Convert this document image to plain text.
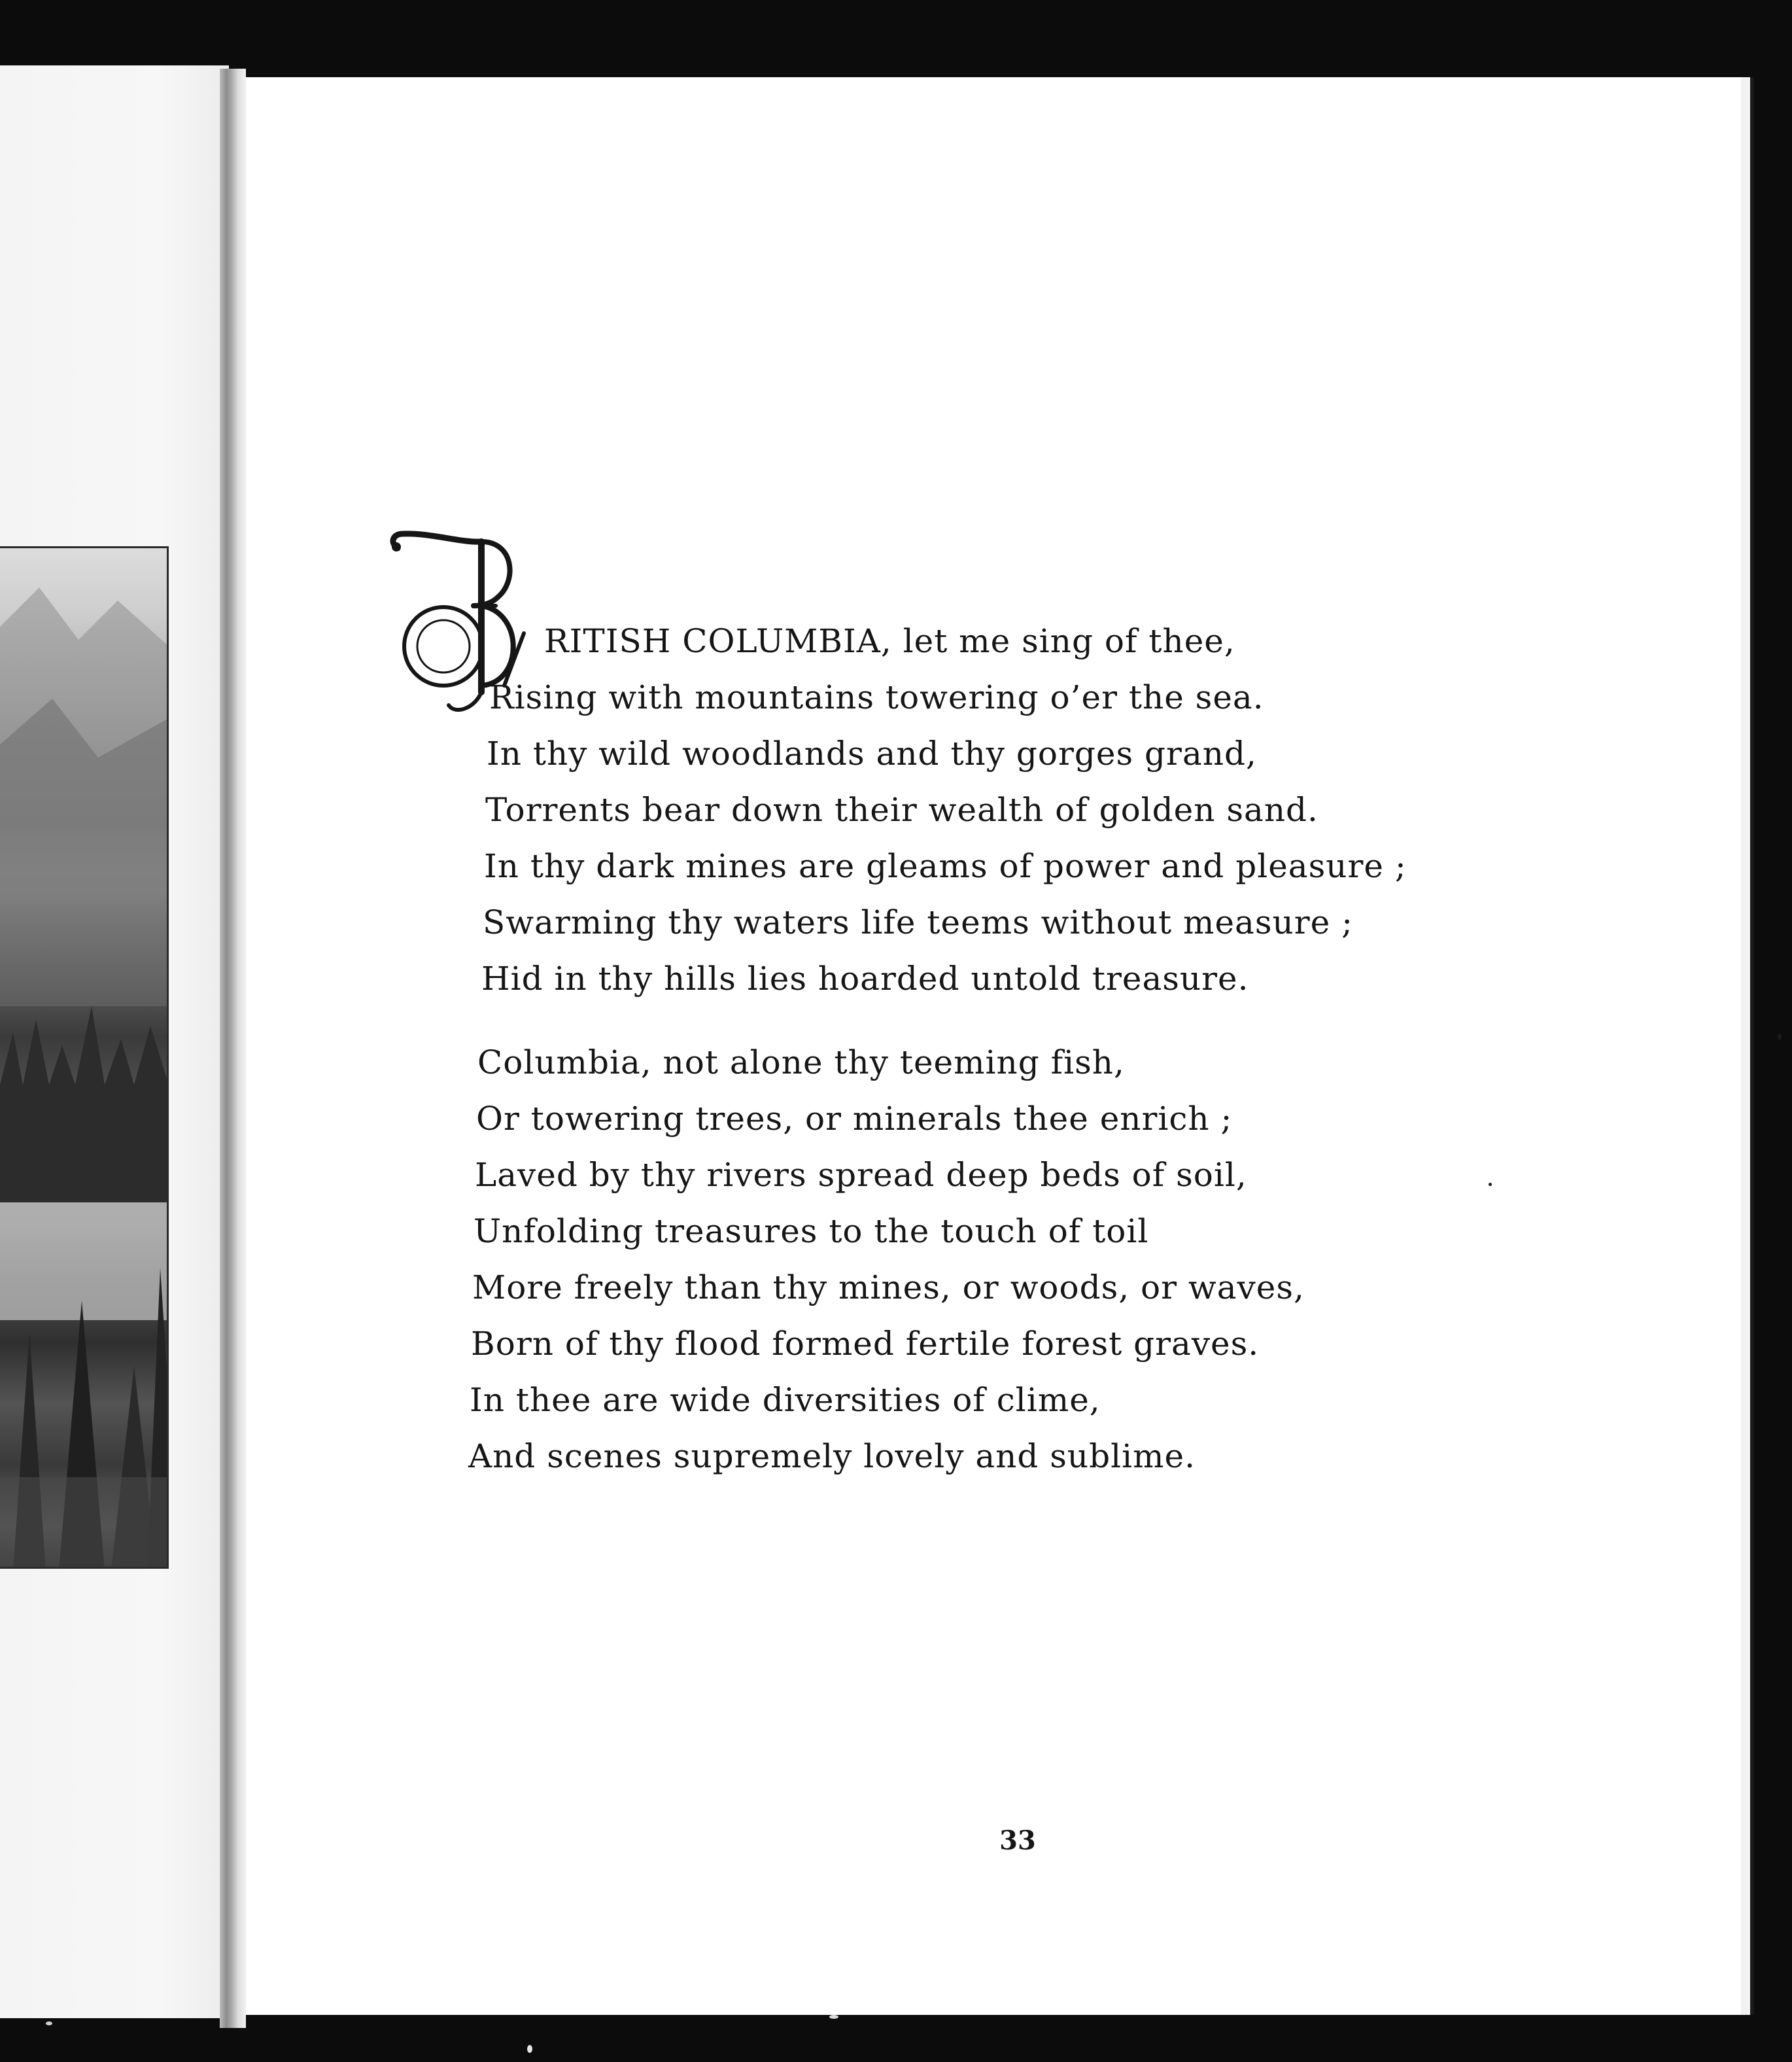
RITISH COLUMBIA, let me sing of thee,
Rising with mountains towering o’er the sea.
In thy wild woodlands and thy gorges grand,
Torrents bear down their wealth of golden sand.
In thy dark mines are gleams of power and pleasure ;
Swarming thy waters life teems without measure ;
Hid in thy hills lies hoarded untold treasure.
Columbia, not alone thy teeming fish,
Or towering trees, or minerals thee enrich ;
Laved by thy rivers spread deep beds of soil,
Unfolding treasures to the touch of toil
More freely than thy mines, or woods, or waves,
Born of thy flood formed fertile forest graves.
In thee are wide diversities of clime,
And scenes supremely lovely and sublime.
33
